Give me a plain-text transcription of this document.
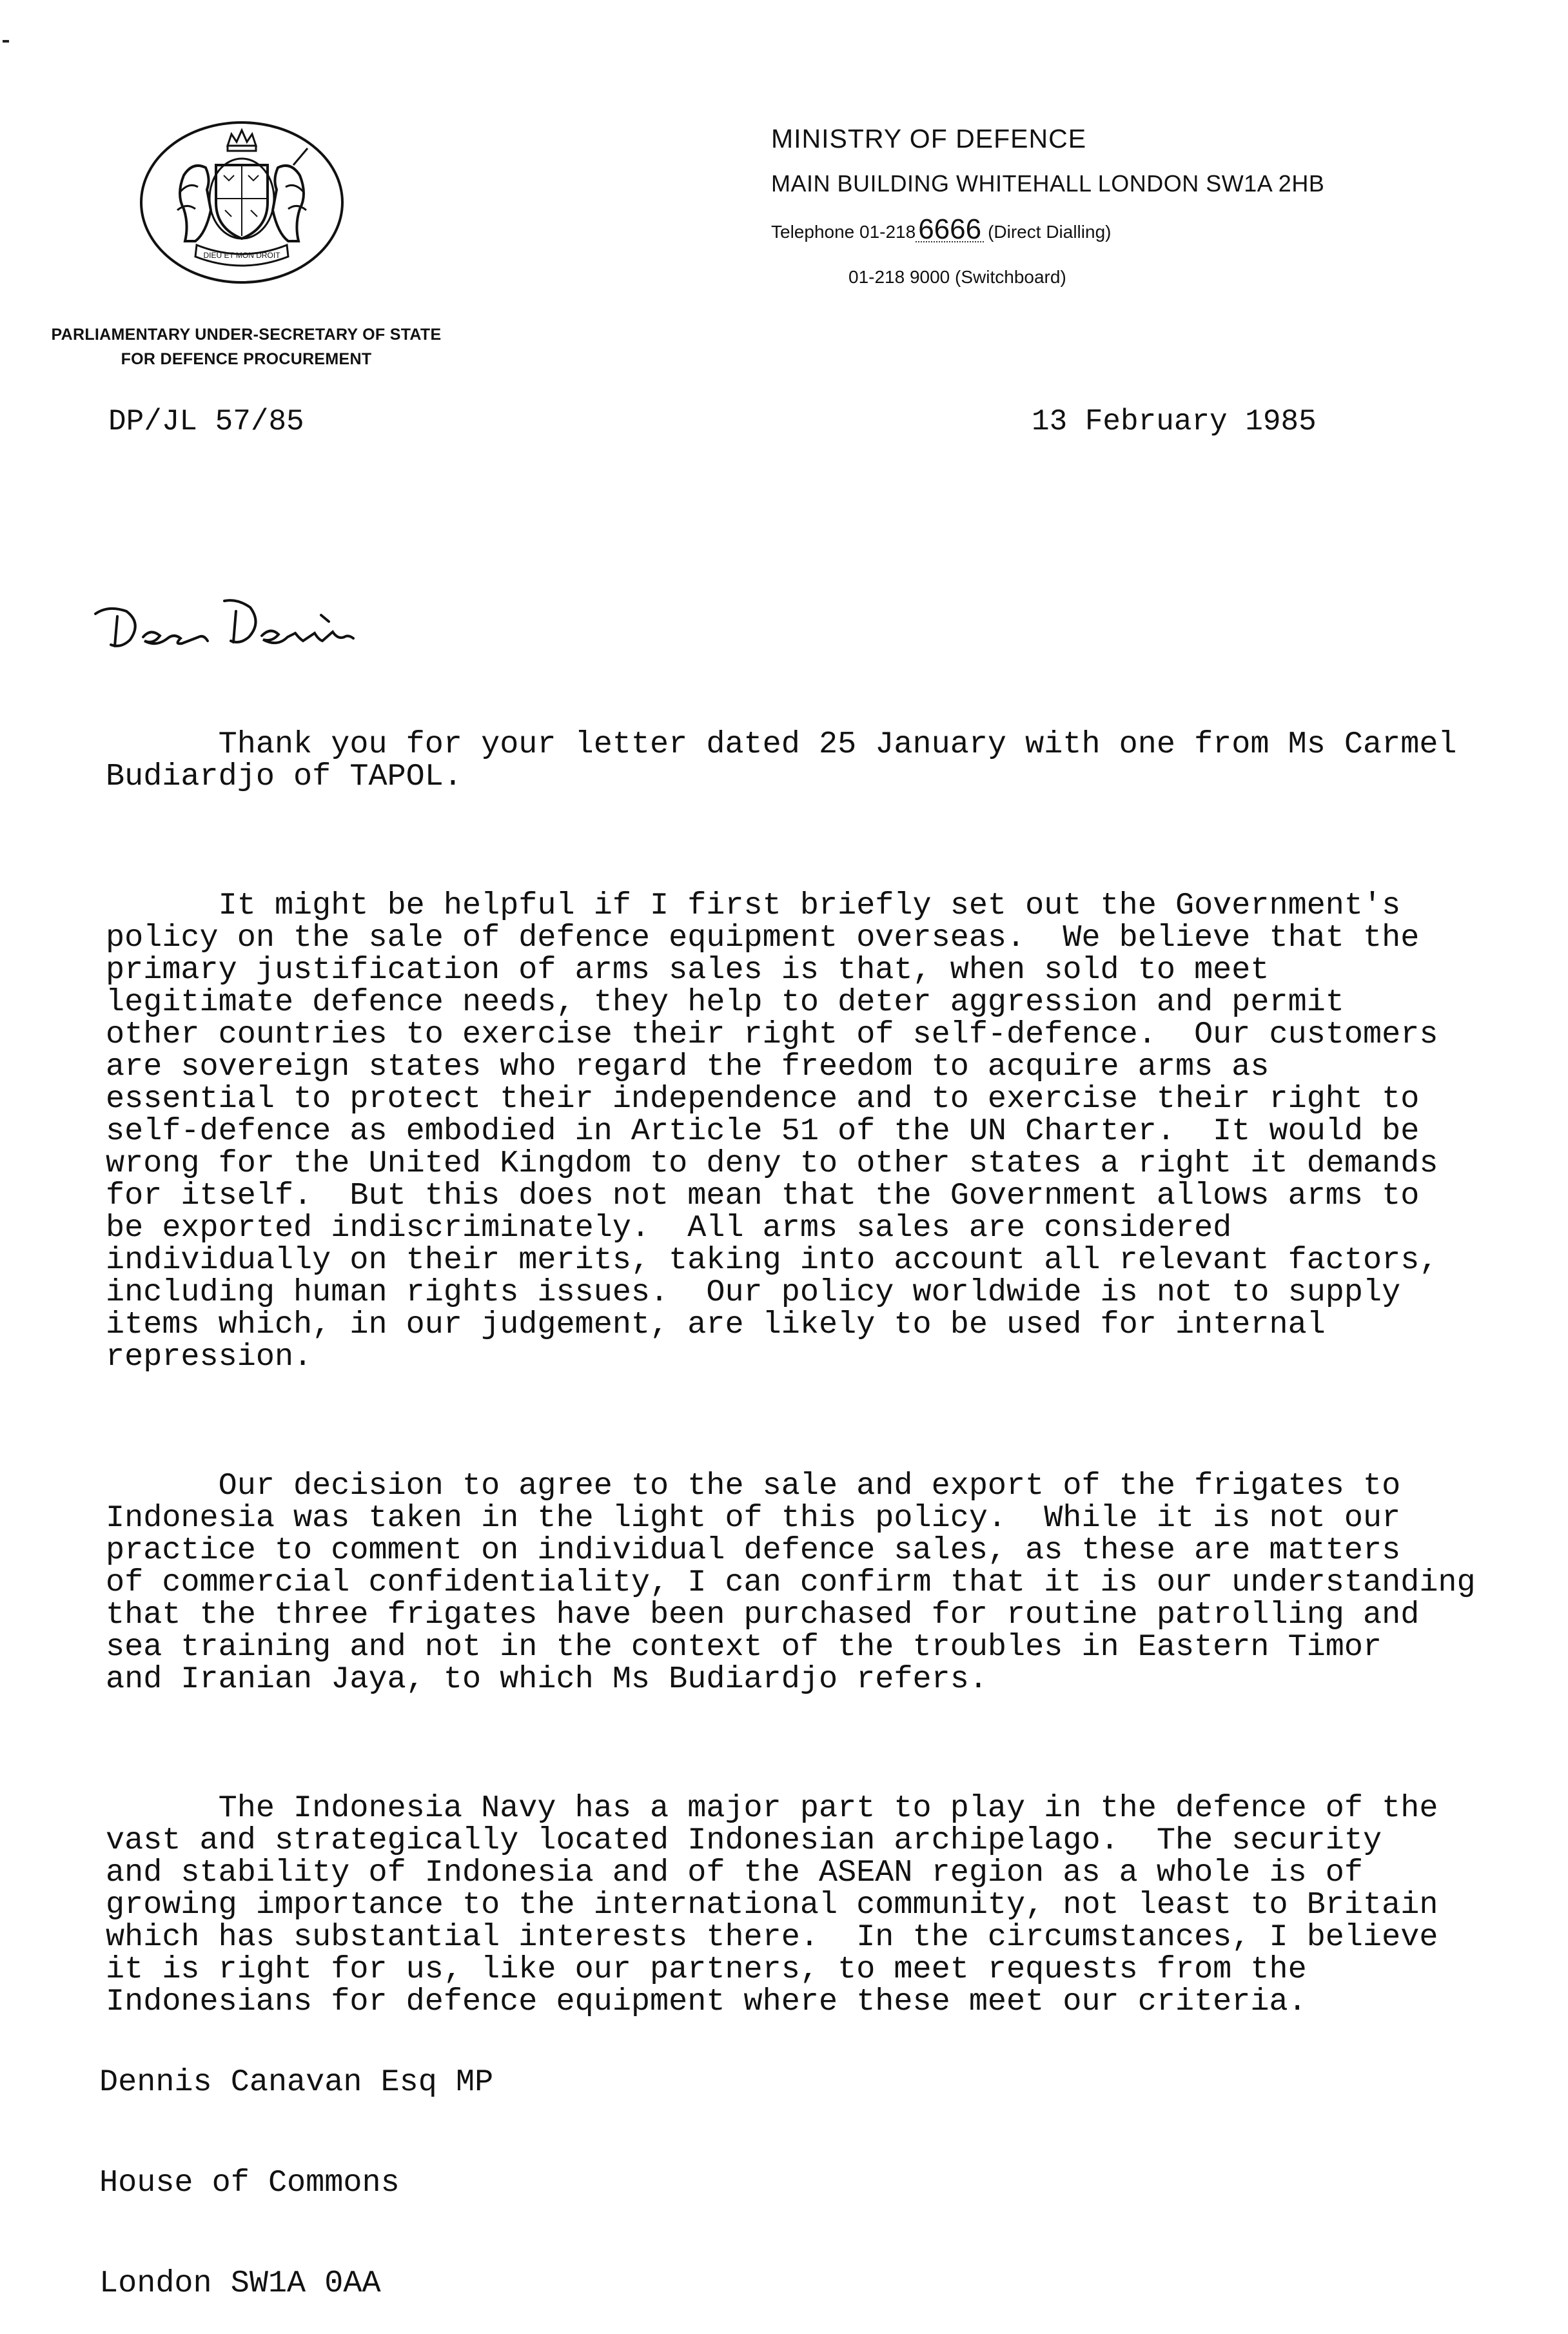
DIEU ET MON DROIT
MINISTRY OF DEFENCE
MAIN BUILDING WHITEHALL LONDON SW1A 2HB
Telephone 01-218 6666 (Direct Dialling)
01-218 9000 (Switchboard)
PARLIAMENTARY UNDER-SECRETARY OF STATE
FOR DEFENCE PROCUREMENT
DP/JL 57/85	13 February 1985
Dear Dennis

Thank you for your letter dated 25 January with one from Ms Carmel
Budiardjo of TAPOL.

It might be helpful if I first briefly set out the Government's
policy on the sale of defence equipment overseas.  We believe that the
primary justification of arms sales is that, when sold to meet
legitimate defence needs, they help to deter aggression and permit
other countries to exercise their right of self-defence.  Our customers
are sovereign states who regard the freedom to acquire arms as
essential to protect their independence and to exercise their right to
self-defence as embodied in Article 51 of the UN Charter.  It would be
wrong for the United Kingdom to deny to other states a right it demands
for itself.  But this does not mean that the Government allows arms to
be exported indiscriminately.  All arms sales are considered
individually on their merits, taking into account all relevant factors,
including human rights issues.  Our policy worldwide is not to supply
items which, in our judgement, are likely to be used for internal
repression.

Our decision to agree to the sale and export of the frigates to
Indonesia was taken in the light of this policy.  While it is not our
practice to comment on individual defence sales, as these are matters
of commercial confidentiality, I can confirm that it is our understanding
that the three frigates have been purchased for routine patrolling and
sea training and not in the context of the troubles in Eastern Timor
and Iranian Jaya, to which Ms Budiardjo refers.

The Indonesia Navy has a major part to play in the defence of the
vast and strategically located Indonesian archipelago.  The security
and stability of Indonesia and of the ASEAN region as a whole is of
growing importance to the international community, not least to Britain
which has substantial interests there.  In the circumstances, I believe
it is right for us, like our partners, to meet requests from the
Indonesians for defence equipment where these meet our criteria.

Dennis Canavan Esq MP

House of Commons

London SW1A 0AA
